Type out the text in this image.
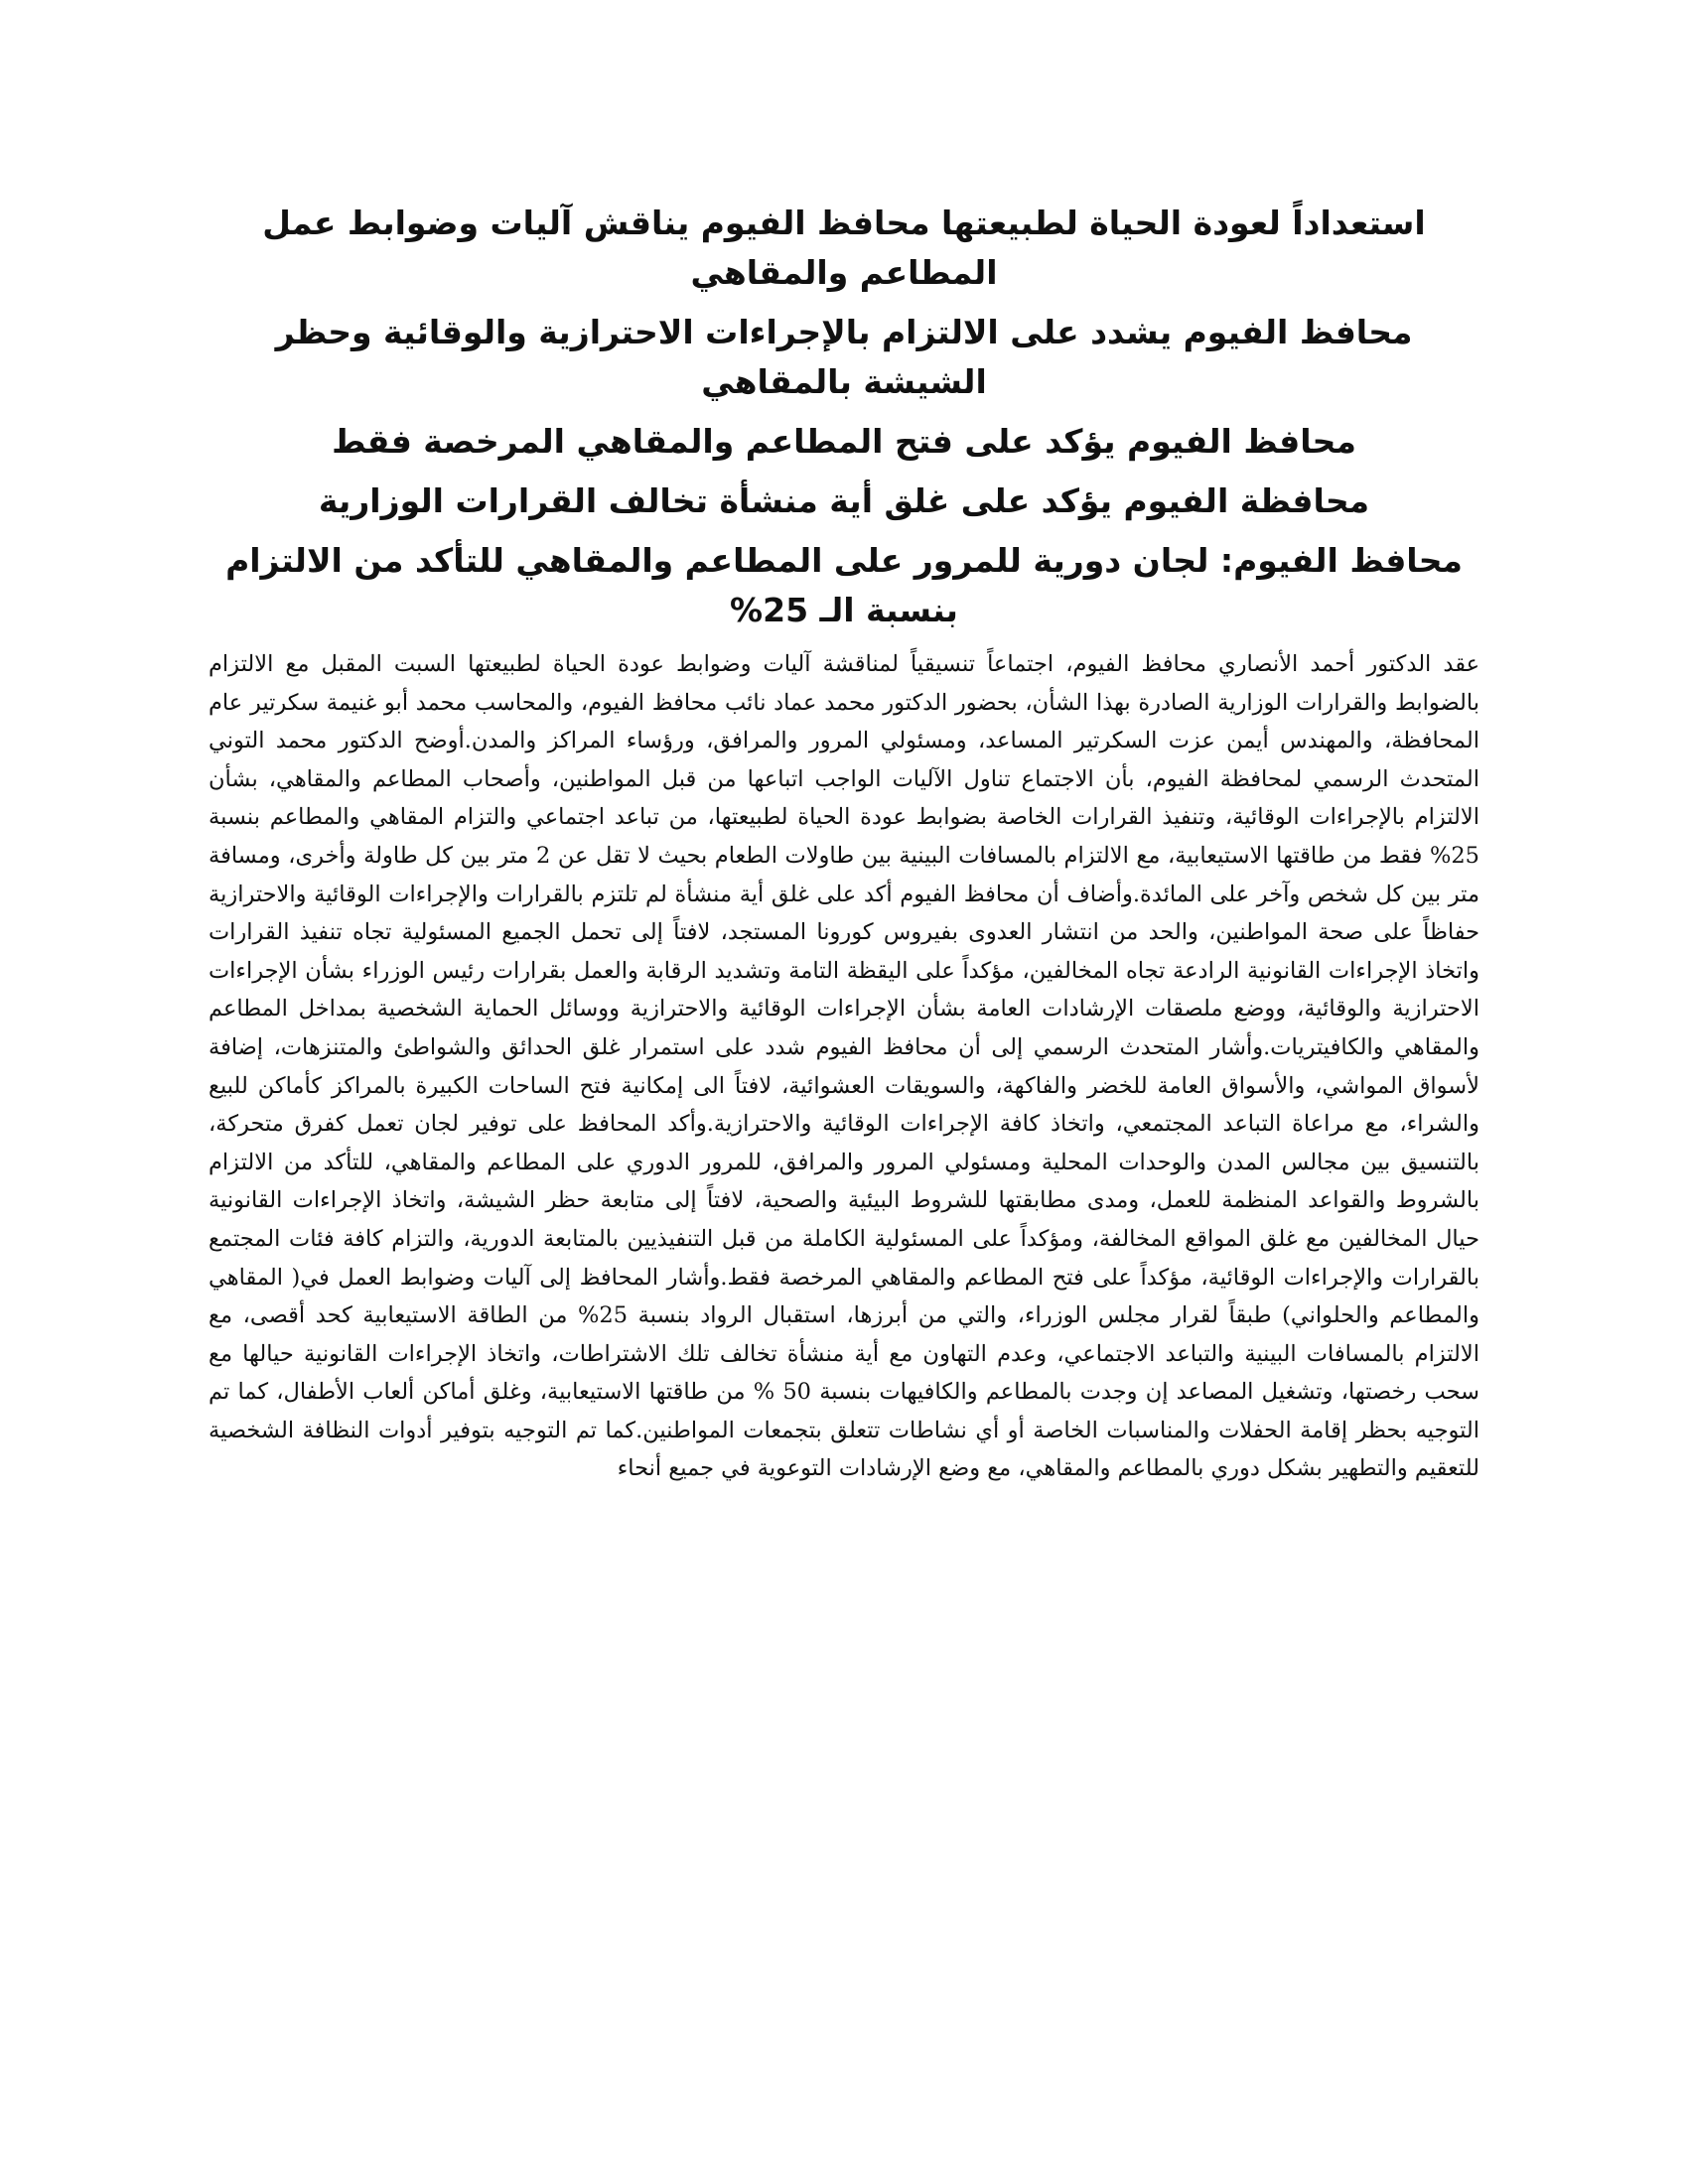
استعداداً لعودة الحياة لطبيعتها محافظ الفيوم يناقش آليات وضوابط عمل المطاعم والمقاهي
محافظ الفيوم يشدد على الالتزام بالإجراءات الاحترازية والوقائية وحظر الشيشة بالمقاهي
محافظ الفيوم يؤكد على فتح المطاعم والمقاهي المرخصة فقط
محافظة الفيوم يؤكد على غلق أية منشأة تخالف القرارات الوزارية
محافظ الفيوم: لجان دورية للمرور على المطاعم والمقاهي للتأكد من الالتزام بنسبة الـ 25%

عقد الدكتور أحمد الأنصاري محافظ الفيوم، اجتماعاً تنسيقياً لمناقشة آليات وضوابط عودة الحياة لطبيعتها السبت المقبل مع الالتزام بالضوابط والقرارات الوزارية الصادرة بهذا الشأن، بحضور الدكتور محمد عماد نائب محافظ الفيوم، والمحاسب محمد أبو غنيمة سكرتير عام المحافظة، والمهندس أيمن عزت السكرتير المساعد، ومسئولي المرور والمرافق، ورؤساء المراكز والمدن.أوضح الدكتور محمد التوني المتحدث الرسمي لمحافظة الفيوم، بأن الاجتماع تناول الآليات الواجب اتباعها من قبل المواطنين، وأصحاب المطاعم والمقاهي، بشأن الالتزام بالإجراءات الوقائية، وتنفيذ القرارات الخاصة بضوابط عودة الحياة لطبيعتها، من تباعد اجتماعي والتزام المقاهي والمطاعم بنسبة 25% فقط من طاقتها الاستيعابية، مع الالتزام بالمسافات البينية بين طاولات الطعام بحيث لا تقل عن 2 متر بين كل طاولة وأخرى، ومسافة متر بين كل شخص وآخر على المائدة.وأضاف أن محافظ الفيوم أكد على غلق أية منشأة لم تلتزم بالقرارات والإجراءات الوقائية والاحترازية حفاظاً على صحة المواطنين، والحد من انتشار العدوى بفيروس كورونا المستجد، لافتاً إلى تحمل الجميع المسئولية تجاه تنفيذ القرارات واتخاذ الإجراءات القانونية الرادعة تجاه المخالفين، مؤكداً على اليقظة التامة وتشديد الرقابة والعمل بقرارات رئيس الوزراء بشأن الإجراءات الاحترازية والوقائية، ووضع ملصقات الإرشادات العامة بشأن الإجراءات الوقائية والاحترازية ووسائل الحماية الشخصية بمداخل المطاعم والمقاهي والكافيتريات.وأشار المتحدث الرسمي إلى أن محافظ الفيوم شدد على استمرار غلق الحدائق والشواطئ والمتنزهات، إضافة لأسواق المواشي، والأسواق العامة للخضر والفاكهة، والسويقات العشوائية، لافتاً الى إمكانية فتح الساحات الكبيرة بالمراكز كأماكن للبيع والشراء، مع مراعاة التباعد المجتمعي، واتخاذ كافة الإجراءات الوقائية والاحترازية.وأكد المحافظ على توفير لجان تعمل كفرق متحركة، بالتنسيق بين مجالس المدن والوحدات المحلية ومسئولي المرور والمرافق، للمرور الدوري على المطاعم والمقاهي، للتأكد من الالتزام بالشروط والقواعد المنظمة للعمل، ومدى مطابقتها للشروط البيئية والصحية، لافتاً إلى متابعة حظر الشيشة، واتخاذ الإجراءات القانونية حيال المخالفين مع غلق المواقع المخالفة، ومؤكداً على المسئولية الكاملة من قبل التنفيذيين بالمتابعة الدورية، والتزام كافة فئات المجتمع بالقرارات والإجراءات الوقائية، مؤكداً على فتح المطاعم والمقاهي المرخصة فقط.وأشار المحافظ إلى آليات وضوابط العمل في( المقاهي والمطاعم والحلواني) طبقاً لقرار مجلس الوزراء، والتي من أبرزها، استقبال الرواد بنسبة 25% من الطاقة الاستيعابية كحد أقصى، مع الالتزام بالمسافات البينية والتباعد الاجتماعي، وعدم التهاون مع أية منشأة تخالف تلك الاشتراطات، واتخاذ الإجراءات القانونية حيالها مع سحب رخصتها، وتشغيل المصاعد إن وجدت بالمطاعم والكافيهات بنسبة 50 % من طاقتها الاستيعابية، وغلق أماكن ألعاب الأطفال، كما تم التوجيه بحظر إقامة الحفلات والمناسبات الخاصة أو أي نشاطات تتعلق بتجمعات المواطنين.كما تم التوجيه بتوفير أدوات النظافة الشخصية للتعقيم والتطهير بشكل دوري بالمطاعم والمقاهي، مع وضع الإرشادات التوعوية في جميع أنحاء
